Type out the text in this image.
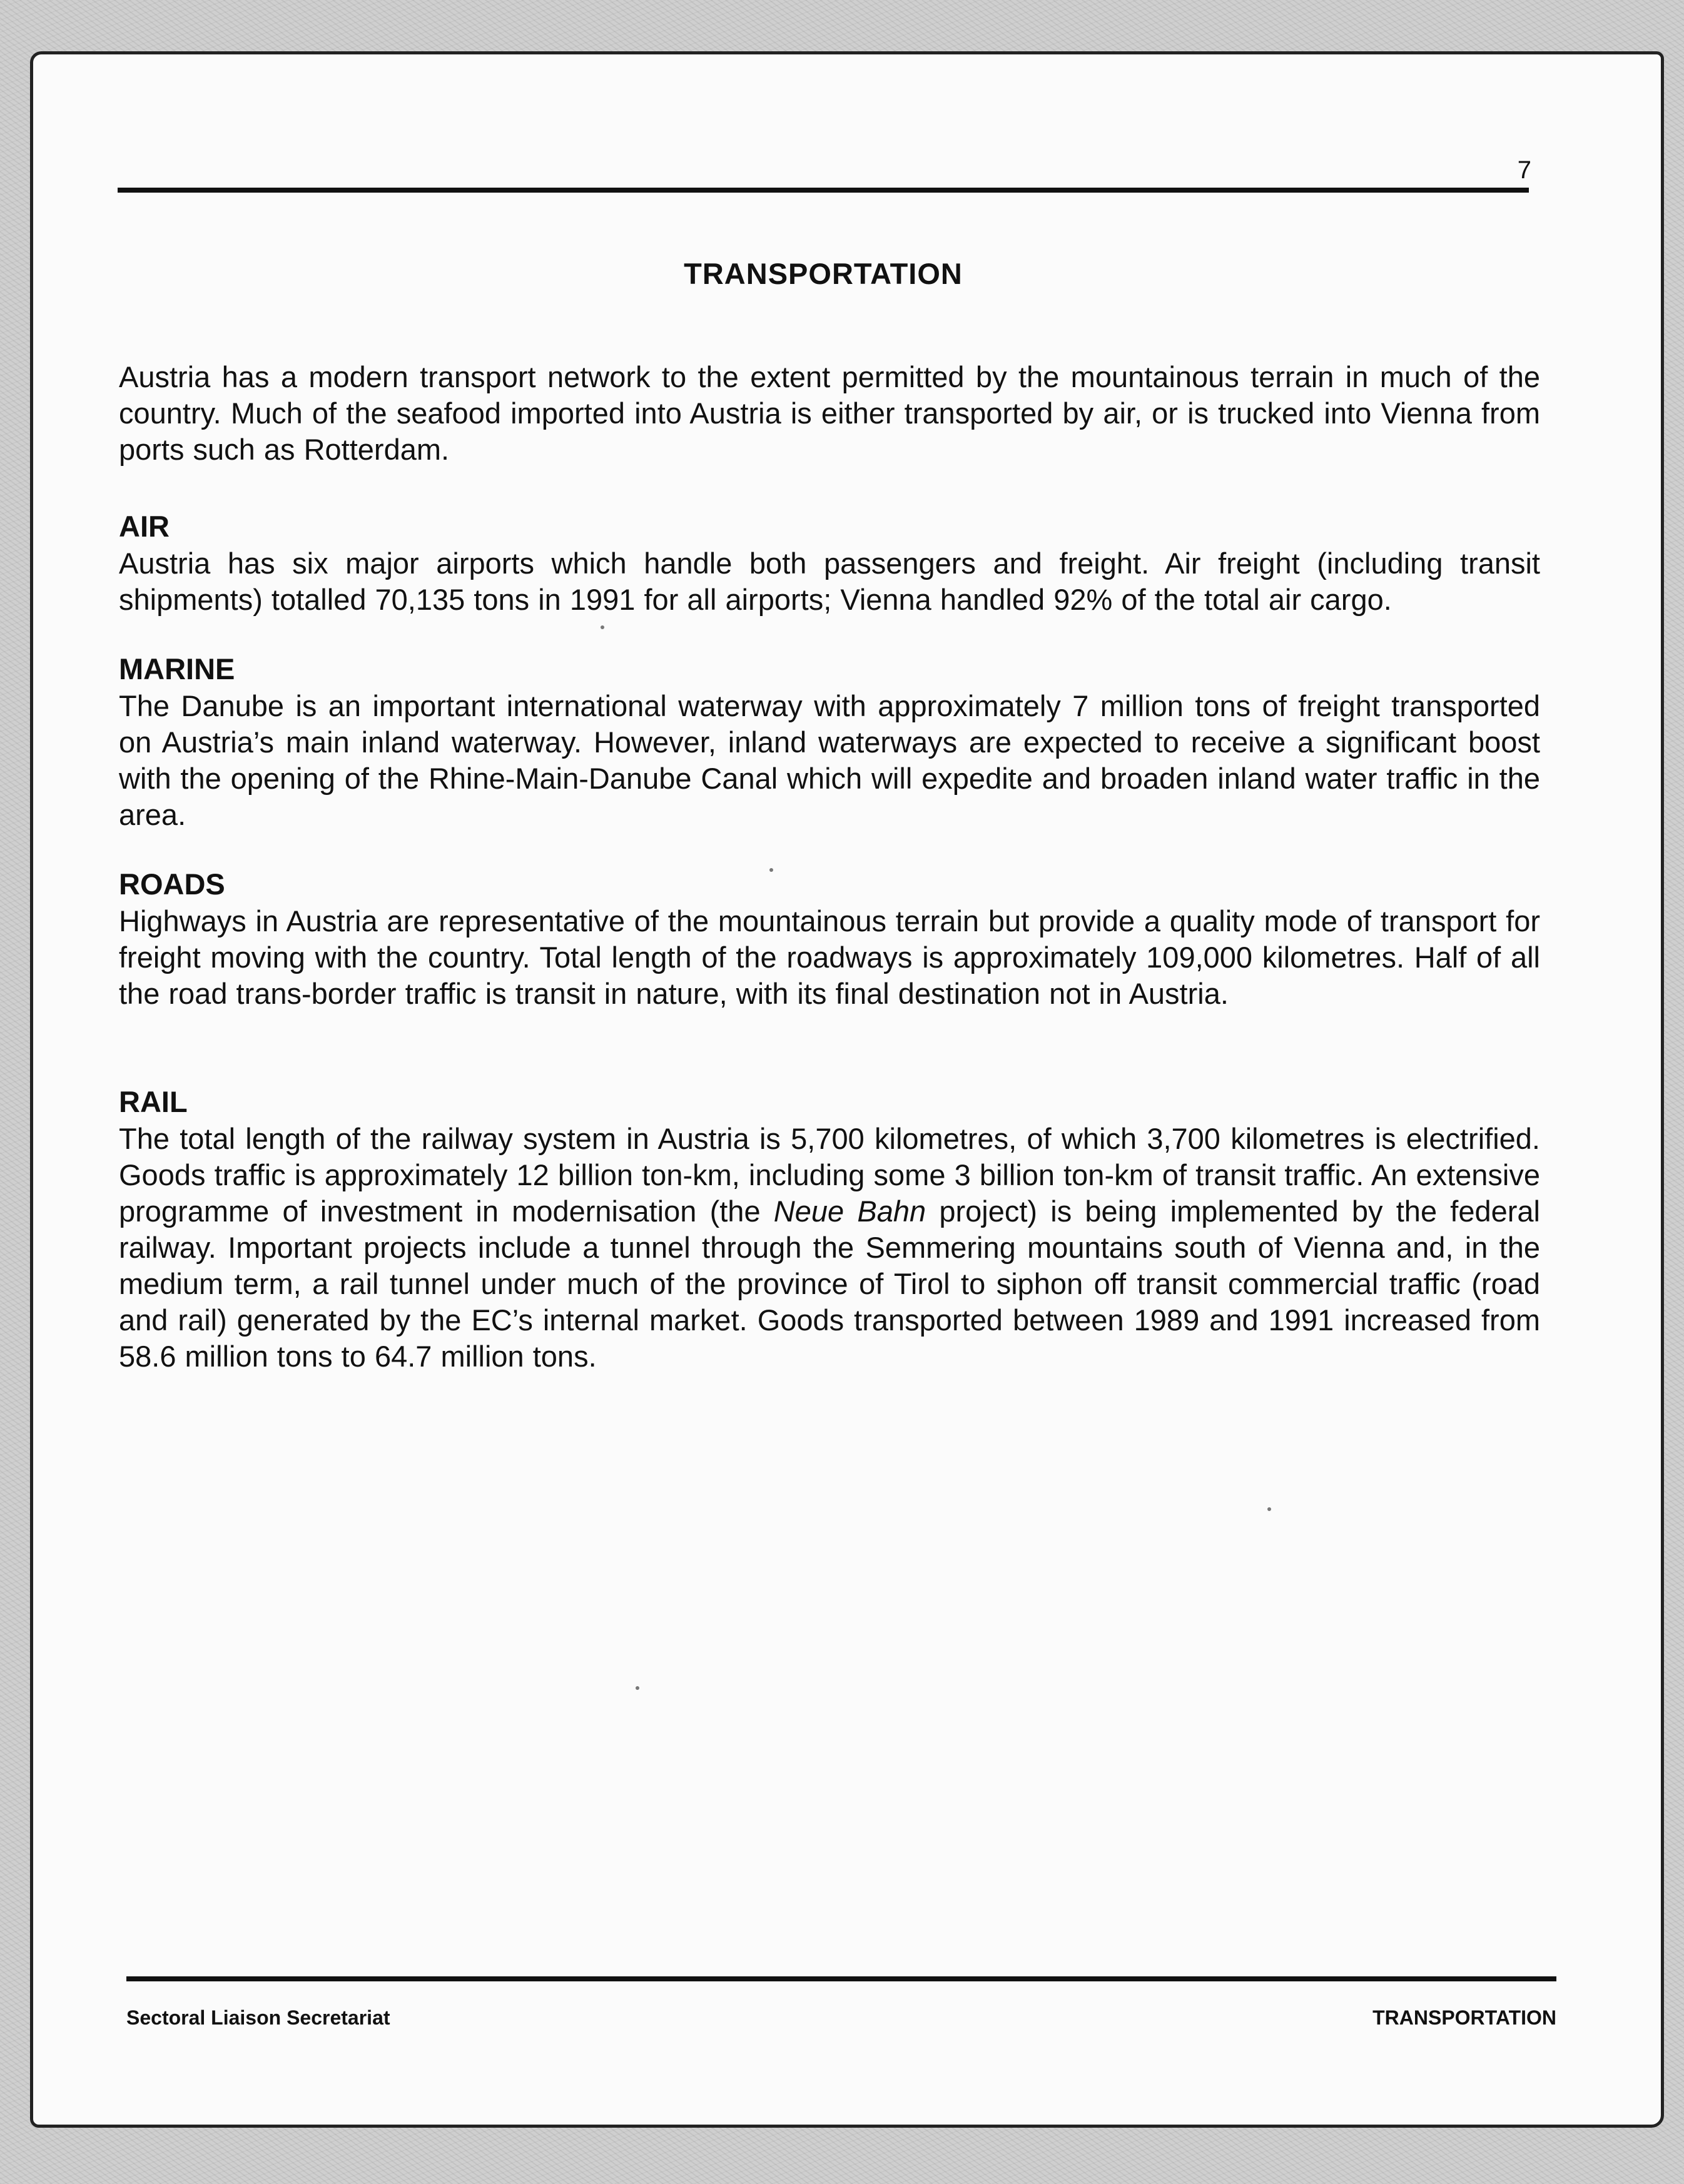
7
TRANSPORTATION

Austria has a modern transport network to the extent permitted by the mountainous terrain in much of the country. Much of the seafood imported into Austria is either transported by air, or is trucked into Vienna from ports such as Rotterdam.

AIR

Austria has six major airports which handle both passengers and freight. Air freight (including transit shipments) totalled 70,135 tons in 1991 for all airports; Vienna handled 92% of the total air cargo.

MARINE

The Danube is an important international waterway with approximately 7 million tons of freight transported on Austria’s main inland waterway. However, inland waterways are expected to receive a significant boost with the opening of the Rhine-Main-Danube Canal which will expedite and broaden inland water traffic in the area.

ROADS

Highways in Austria are representative of the mountainous terrain but provide a quality mode of transport for freight moving with the country. Total length of the roadways is approximately 109,000 kilometres. Half of all the road trans-border traffic is transit in nature, with its final destination not in Austria.

RAIL

The total length of the railway system in Austria is 5,700 kilometres, of which 3,700 kilometres is electrified. Goods traffic is approximately 12 billion ton-km, including some 3 billion ton-km of transit traffic. An extensive programme of investment in modernisation (the Neue Bahn project) is being implemented by the federal railway. Important projects include a tunnel through the Semmering mountains south of Vienna and, in the medium term, a rail tunnel under much of the province of Tirol to siphon off transit commercial traffic (road and rail) generated by the EC’s internal market. Goods transported between 1989 and 1991 increased from 58.6 million tons to 64.7 million tons.

Sectoral Liaison Secretariat	TRANSPORTATION
